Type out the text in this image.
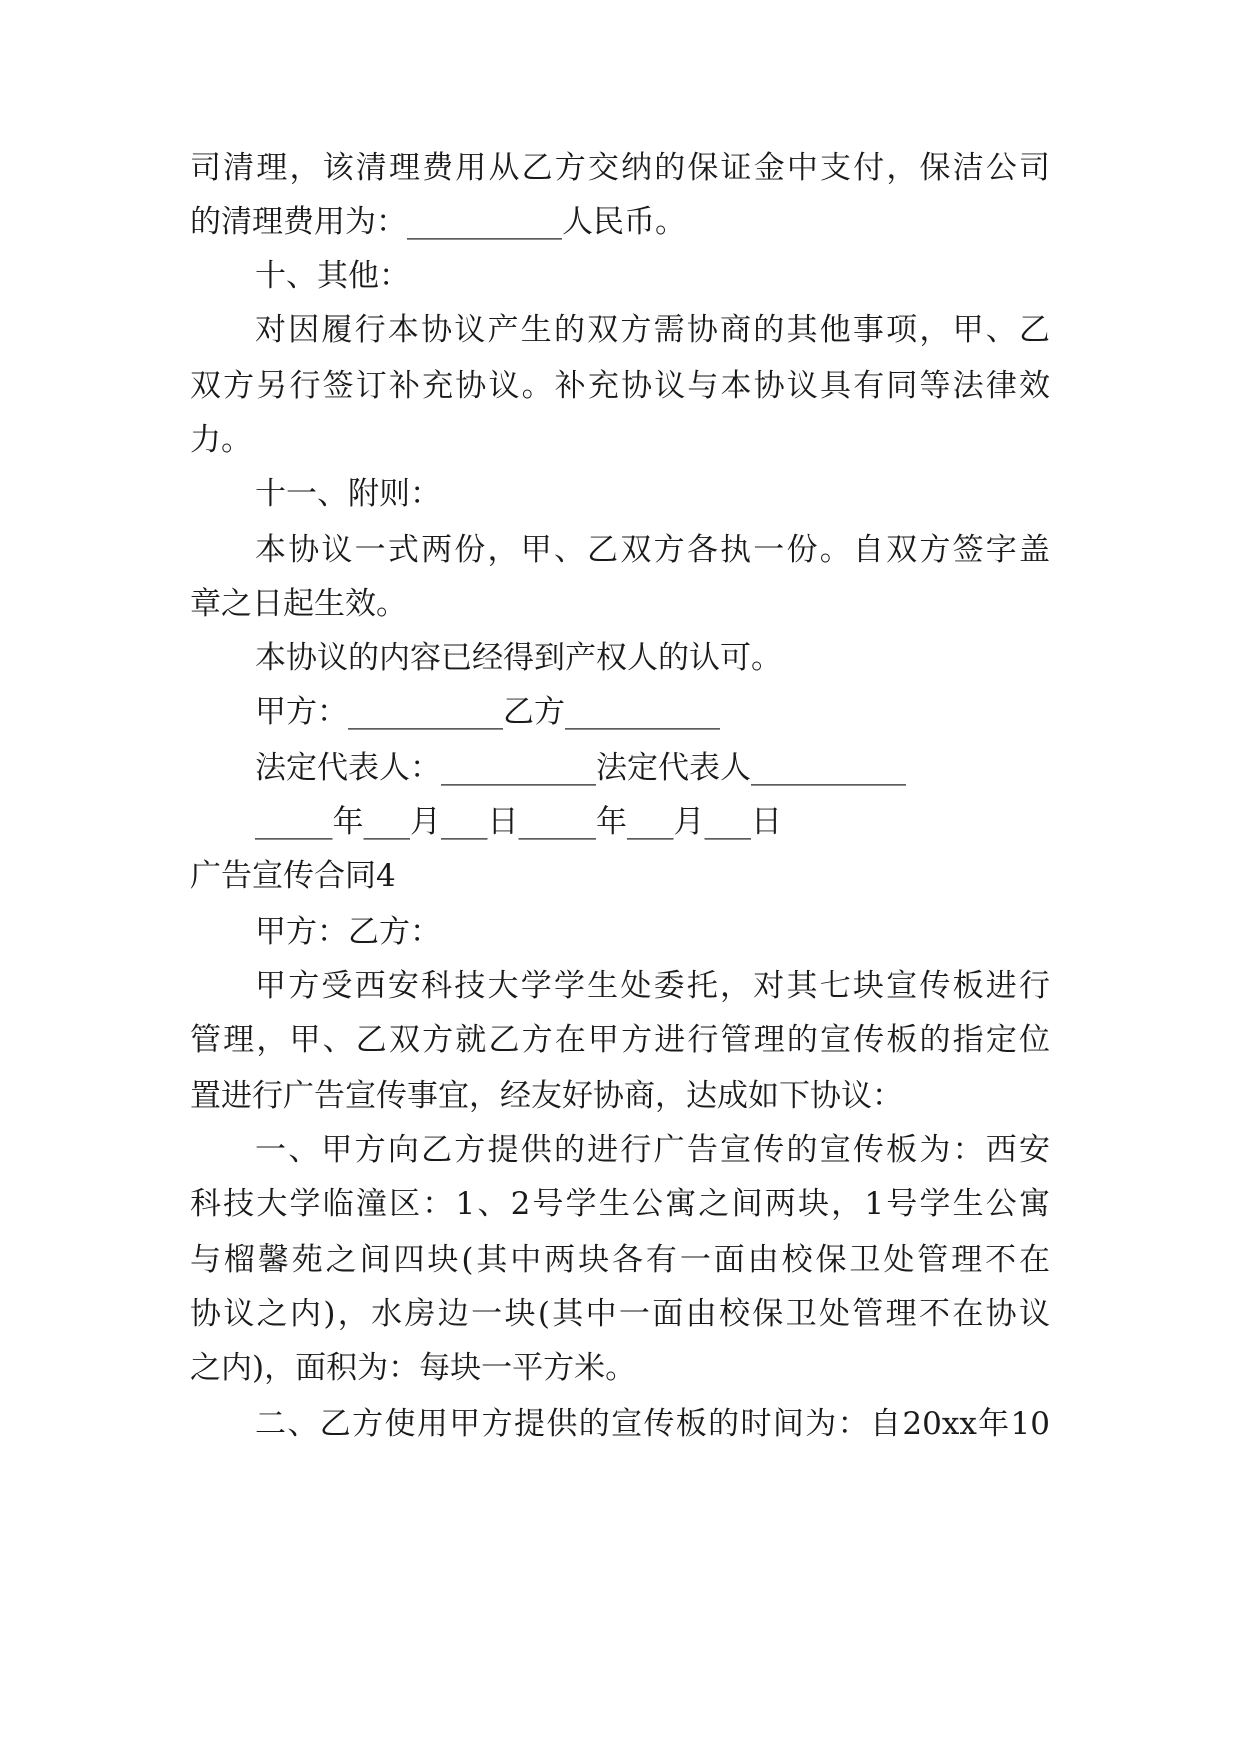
司清理，该清理费用从乙方交纳的保证金中支付，保洁公司
的清理费用为：__________人民币。
十、其他：
对因履行本协议产生的双方需协商的其他事项，甲、乙
双方另行签订补充协议。补充协议与本协议具有同等法律效
力。
十一、附则：
本协议一式两份，甲、乙双方各执一份。自双方签字盖
章之日起生效。
本协议的内容已经得到产权人的认可。
甲方：__________乙方__________
法定代表人：__________法定代表人__________
_____年___月___日_____年___月___日
广告宣传合同4
甲方：乙方：
甲方受西安科技大学学生处委托，对其七块宣传板进行
管理，甲、乙双方就乙方在甲方进行管理的宣传板的指定位
置进行广告宣传事宜，经友好协商，达成如下协议：
一、甲方向乙方提供的进行广告宣传的宣传板为：西安
科技大学临潼区：1、2号学生公寓之间两块，1号学生公寓
与榴馨苑之间四块(其中两块各有一面由校保卫处管理不在
协议之内)，水房边一块(其中一面由校保卫处管理不在协议
之内)，面积为：每块一平方米。
二、乙方使用甲方提供的宣传板的时间为：自20xx年10
